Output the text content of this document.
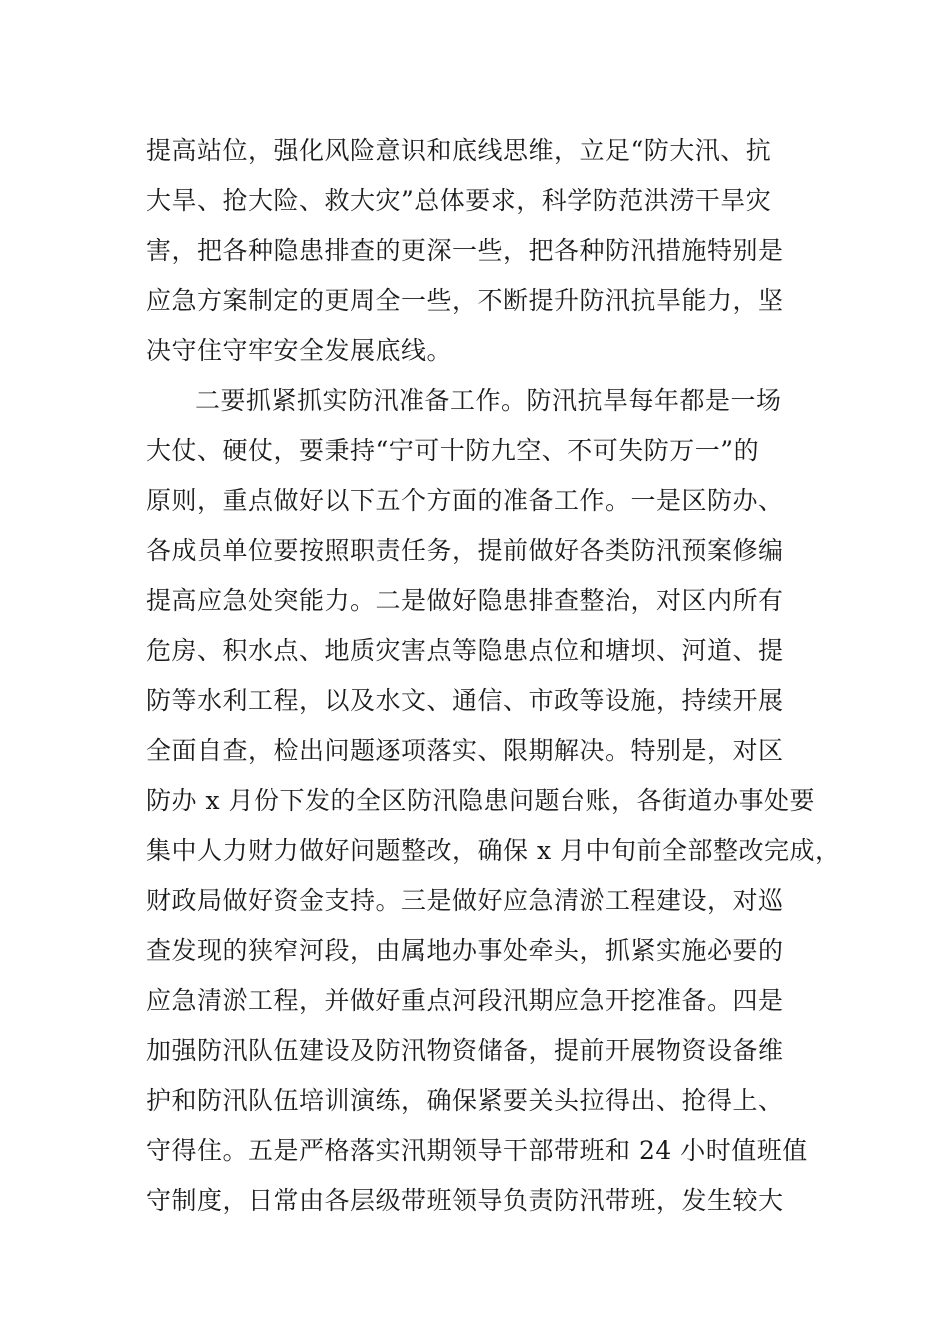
提高站位，强化风险意识和底线思维，立足“防大汛、抗
大旱、抢大险、救大灾”总体要求，科学防范洪涝干旱灾
害，把各种隐患排查的更深一些，把各种防汛措施特别是
应急方案制定的更周全一些，不断提升防汛抗旱能力，坚
决守住守牢安全发展底线。
二要抓紧抓实防汛准备工作。防汛抗旱每年都是一场
大仗、硬仗，要秉持“宁可十防九空、不可失防万一”的
原则，重点做好以下五个方面的准备工作。一是区防办、
各成员单位要按照职责任务，提前做好各类防汛预案修编
提高应急处突能力。二是做好隐患排查整治，对区内所有
危房、积水点、地质灾害点等隐患点位和塘坝、河道、提
防等水利工程，以及水文、通信、市政等设施，持续开展
全面自查，检出问题逐项落实、限期解决。特别是，对区
防办 x 月份下发的全区防汛隐患问题台账，各街道办事处要
集中人力财力做好问题整改，确保 x 月中旬前全部整改完成，
财政局做好资金支持。三是做好应急清淤工程建设，对巡
查发现的狭窄河段，由属地办事处牵头，抓紧实施必要的
应急清淤工程，并做好重点河段汛期应急开挖准备。四是
加强防汛队伍建设及防汛物资储备，提前开展物资设备维
护和防汛队伍培训演练，确保紧要关头拉得出、抢得上、
守得住。五是严格落实汛期领导干部带班和 24 小时值班值
守制度，日常由各层级带班领导负责防汛带班，发生较大
